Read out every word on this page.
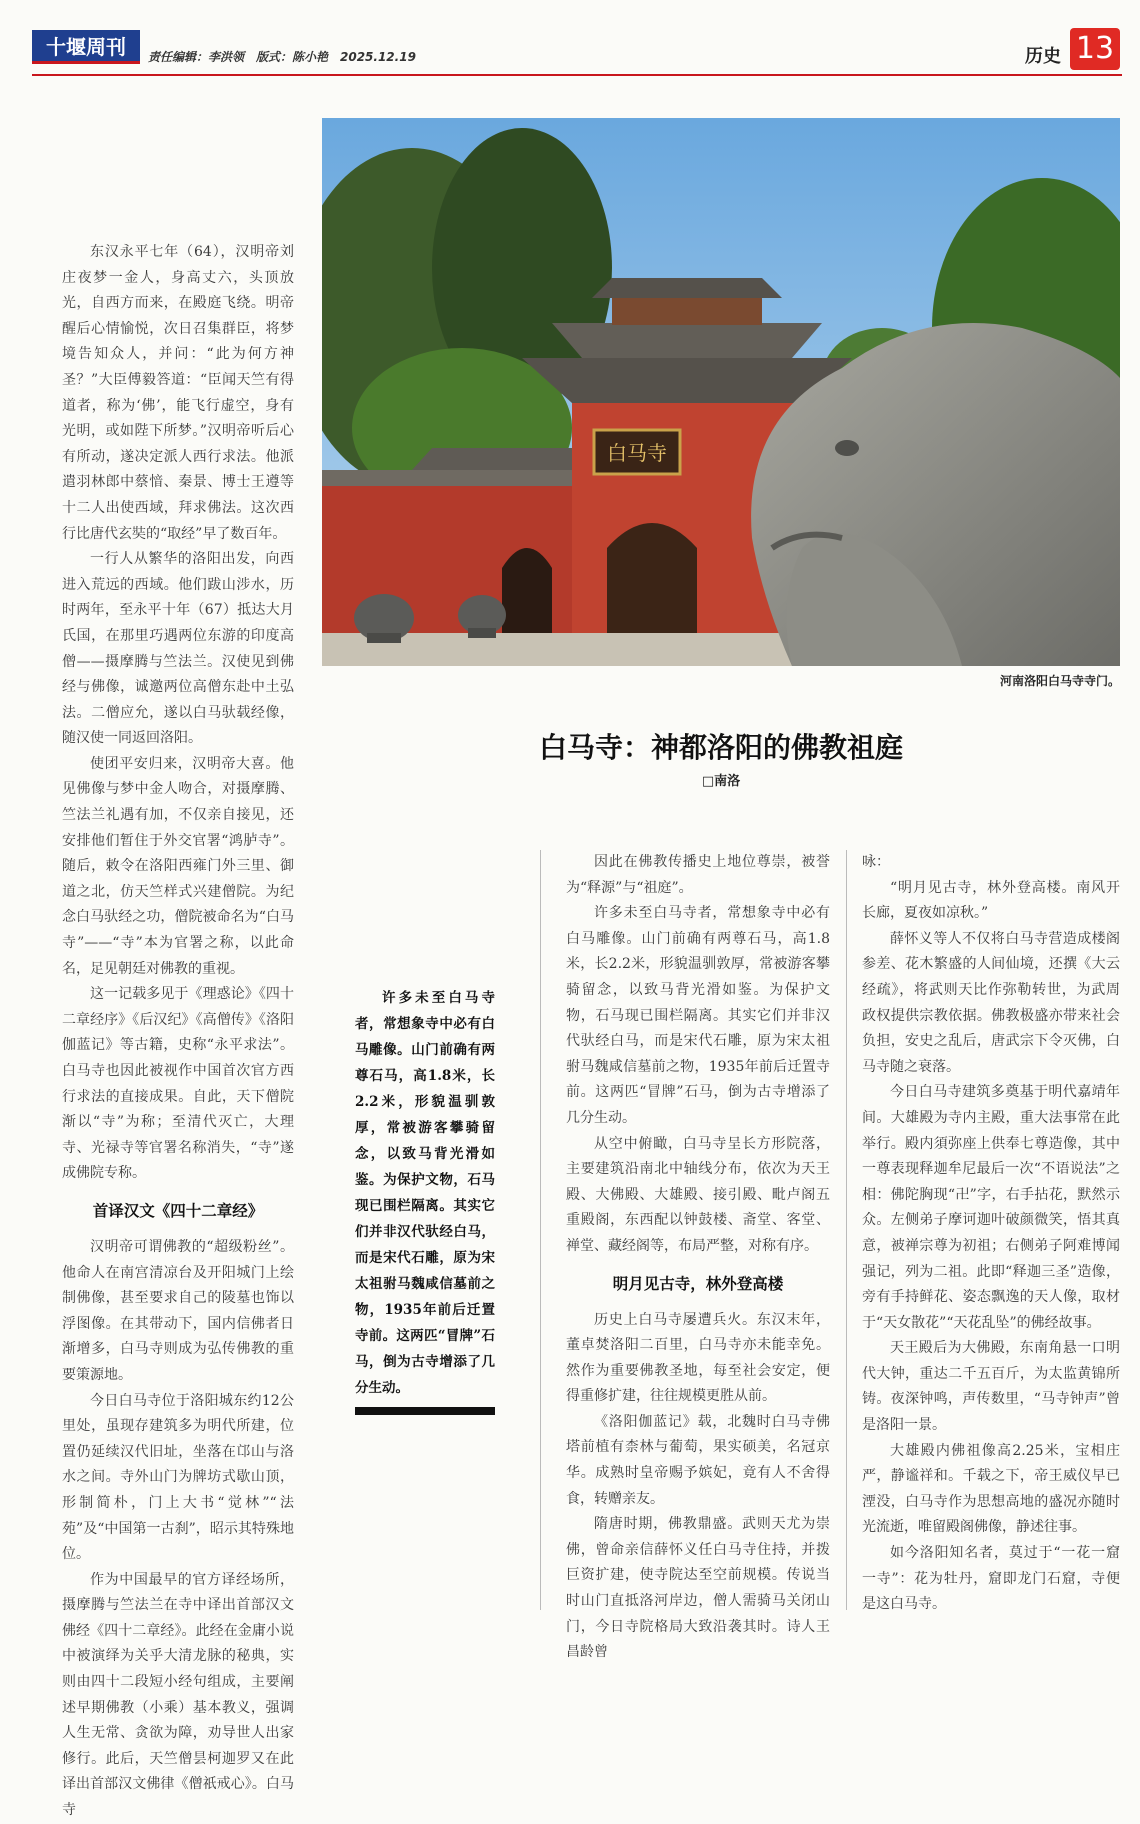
十堰周刊	责任编辑：李洪领　版式：陈小艳　2025.12.19	历史 13
白马寺
河南洛阳白马寺寺门。
白马寺：神都洛阳的佛教祖庭
□南洛

东汉永平七年（64），汉明帝刘庄夜梦一金人，身高丈六，头顶放光，自西方而来，在殿庭飞绕。明帝醒后心情愉悦，次日召集群臣，将梦境告知众人，并问：“此为何方神圣？”大臣傅毅答道：“臣闻天竺有得道者，称为‘佛’，能飞行虚空，身有光明，或如陛下所梦。”汉明帝听后心有所动，遂决定派人西行求法。他派遣羽林郎中蔡愔、秦景、博士王遵等十二人出使西域，拜求佛法。这次西行比唐代玄奘的“取经”早了数百年。

一行人从繁华的洛阳出发，向西进入荒远的西域。他们跋山涉水，历时两年，至永平十年（67）抵达大月氏国，在那里巧遇两位东游的印度高僧——摄摩腾与竺法兰。汉使见到佛经与佛像，诚邀两位高僧东赴中土弘法。二僧应允，遂以白马驮载经像，随汉使一同返回洛阳。

使团平安归来，汉明帝大喜。他见佛像与梦中金人吻合，对摄摩腾、竺法兰礼遇有加，不仅亲自接见，还安排他们暂住于外交官署“鸿胪寺”。随后，敕令在洛阳西雍门外三里、御道之北，仿天竺样式兴建僧院。为纪念白马驮经之功，僧院被命名为“白马寺”——“寺”本为官署之称，以此命名，足见朝廷对佛教的重视。

这一记载多见于《理惑论》《四十二章经序》《后汉纪》《高僧传》《洛阳伽蓝记》等古籍，史称“永平求法”。白马寺也因此被视作中国首次官方西行求法的直接成果。自此，天下僧院渐以“寺”为称；至清代灭亡，大理寺、光禄寺等官署名称消失，“寺”遂成佛院专称。

首译汉文《四十二章经》

汉明帝可谓佛教的“超级粉丝”。他命人在南宫清凉台及开阳城门上绘制佛像，甚至要求自己的陵墓也饰以浮图像。在其带动下，国内信佛者日渐增多，白马寺则成为弘传佛教的重要策源地。

今日白马寺位于洛阳城东约12公里处，虽现存建筑多为明代所建，位置仍延续汉代旧址，坐落在邙山与洛水之间。寺外山门为牌坊式歇山顶，形制简朴，门上大书“觉林”“法苑”及“中国第一古刹”，昭示其特殊地位。

作为中国最早的官方译经场所，摄摩腾与竺法兰在寺中译出首部汉文佛经《四十二章经》。此经在金庸小说中被演绎为关乎大清龙脉的秘典，实则由四十二段短小经句组成，主要阐述早期佛教（小乘）基本教义，强调人生无常、贪欲为障，劝导世人出家修行。此后，天竺僧昙柯迦罗又在此译出首部汉文佛律《僧祇戒心》。白马寺

许多未至白马寺者，常想象寺中必有白马雕像。山门前确有两尊石马，高1.8米，长2.2米，形貌温驯敦厚，常被游客攀骑留念，以致马背光滑如鉴。为保护文物，石马现已围栏隔离。其实它们并非汉代驮经白马，而是宋代石雕，原为宋太祖驸马魏咸信墓前之物，1935年前后迁置寺前。这两匹“冒牌”石马，倒为古寺增添了几分生动。

因此在佛教传播史上地位尊崇，被誉为“释源”与“祖庭”。

许多未至白马寺者，常想象寺中必有白马雕像。山门前确有两尊石马，高1.8米，长2.2米，形貌温驯敦厚，常被游客攀骑留念，以致马背光滑如鉴。为保护文物，石马现已围栏隔离。其实它们并非汉代驮经白马，而是宋代石雕，原为宋太祖驸马魏咸信墓前之物，1935年前后迁置寺前。这两匹“冒牌”石马，倒为古寺增添了几分生动。

从空中俯瞰，白马寺呈长方形院落，主要建筑沿南北中轴线分布，依次为天王殿、大佛殿、大雄殿、接引殿、毗卢阁五重殿阁，东西配以钟鼓楼、斋堂、客堂、禅堂、藏经阁等，布局严整，对称有序。

明月见古寺，林外登高楼

历史上白马寺屡遭兵火。东汉末年，董卓焚洛阳二百里，白马寺亦未能幸免。然作为重要佛教圣地，每至社会安定，便得重修扩建，往往规模更胜从前。

《洛阳伽蓝记》载，北魏时白马寺佛塔前植有柰林与葡萄，果实硕美，名冠京华。成熟时皇帝赐予嫔妃，竟有人不舍得食，转赠亲友。

隋唐时期，佛教鼎盛。武则天尤为崇佛，曾命亲信薛怀义任白马寺住持，并拨巨资扩建，使寺院达至空前规模。传说当时山门直抵洛河岸边，僧人需骑马关闭山门，今日寺院格局大致沿袭其时。诗人王昌龄曾

咏：

“明月见古寺，林外登高楼。南风开长廊，夏夜如凉秋。”

薛怀义等人不仅将白马寺营造成楼阁参差、花木繁盛的人间仙境，还撰《大云经疏》，将武则天比作弥勒转世，为武周政权提供宗教依据。佛教极盛亦带来社会负担，安史之乱后，唐武宗下令灭佛，白马寺随之衰落。

今日白马寺建筑多奠基于明代嘉靖年间。大雄殿为寺内主殿，重大法事常在此举行。殿内須弥座上供奉七尊造像，其中一尊表现释迦牟尼最后一次“不语说法”之相：佛陀胸现“卍”字，右手拈花，默然示众。左侧弟子摩诃迦叶破颜微笑，悟其真意，被禅宗尊为初祖；右侧弟子阿难博闻强记，列为二祖。此即“释迦三圣”造像，旁有手持鲜花、姿态飘逸的天人像，取材于“天女散花”“天花乱坠”的佛经故事。

天王殿后为大佛殿，东南角悬一口明代大钟，重达二千五百斤，为太监黄锦所铸。夜深钟鸣，声传数里，“马寺钟声”曾是洛阳一景。

大雄殿内佛祖像高2.25米，宝相庄严，静谧祥和。千载之下，帝王威仪早已湮没，白马寺作为思想高地的盛况亦随时光流逝，唯留殿阁佛像，静述往事。

如今洛阳知名者，莫过于“一花一窟一寺”：花为牡丹，窟即龙门石窟，寺便是这白马寺。
